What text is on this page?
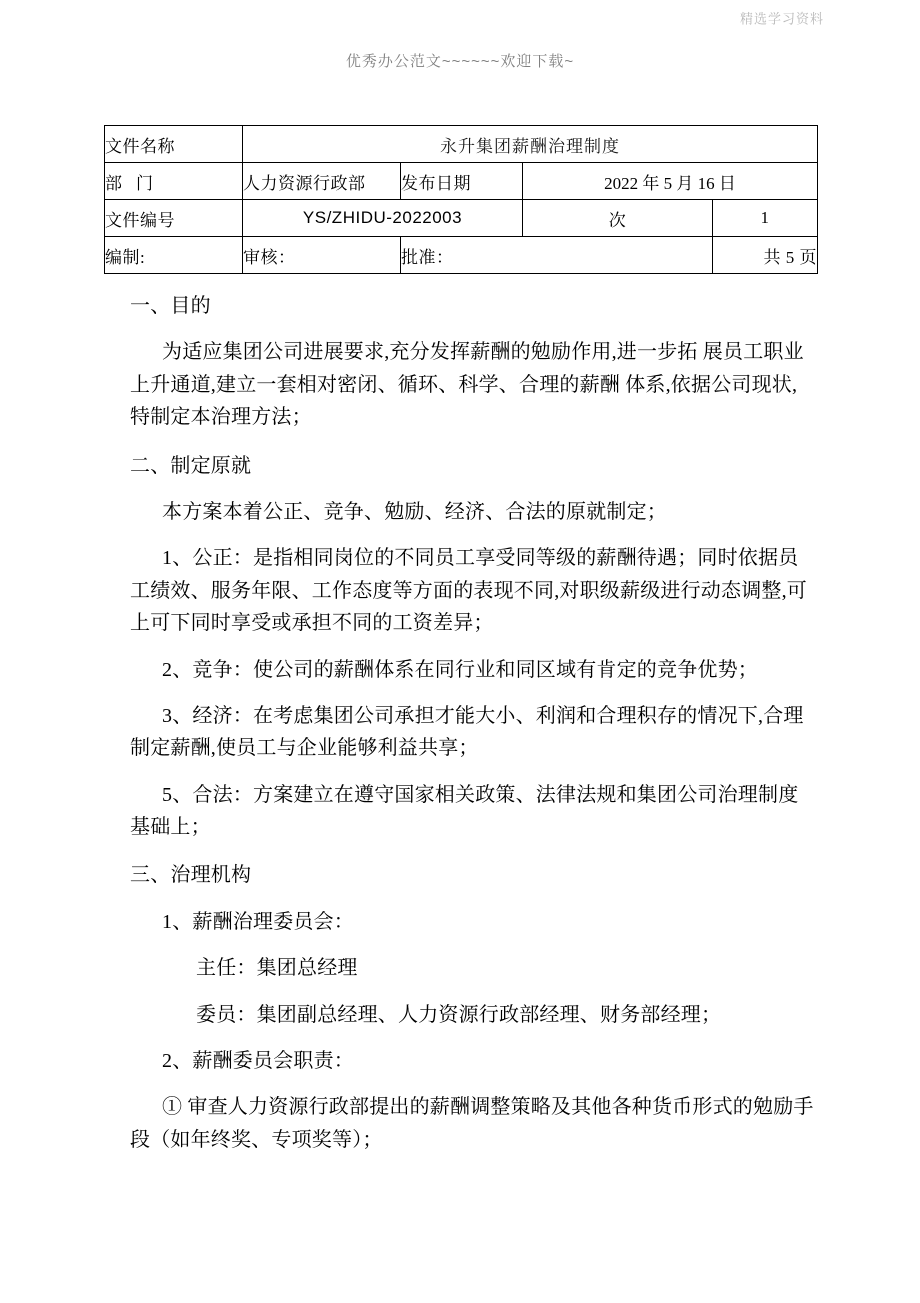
精选学习资料
优秀办公范文~~~~~~欢迎下载~
文件名称	永升集团薪酬治理制度			
部门	人力资源行政部	发布日期	2022 年 5 月 16 日	
文件编号	YS/ZHIDU-2022003		次	1
编制:	审核：	批准：		共 5 页
一、目的

为适应集团公司进展要求,充分发挥薪酬的勉励作用,进一步拓 展员工职业上升通道,建立一套相对密闭、循环、科学、合理的薪酬 体系,依据公司现状,特制定本治理方法；

二、制定原就

本方案本着公正、竞争、勉励、经济、合法的原就制定；

1、公正：是指相同岗位的不同员工享受同等级的薪酬待遇；同时依据员工绩效、服务年限、工作态度等方面的表现不同,对职级薪级进行动态调整,可上可下同时享受或承担不同的工资差异；

2、竞争：使公司的薪酬体系在同行业和同区域有肯定的竞争优势；

3、经济：在考虑集团公司承担才能大小、利润和合理积存的情况下,合理制定薪酬,使员工与企业能够利益共享；

5、合法：方案建立在遵守国家相关政策、法律法规和集团公司治理制度基础上；

三、治理机构

1、薪酬治理委员会：

主任：集团总经理

委员：集团副总经理、人力资源行政部经理、财务部经理；

2、薪酬委员会职责：

① 审查人力资源行政部提出的薪酬调整策略及其他各种货币形式的勉励手段（如年终奖、专项奖等）；
